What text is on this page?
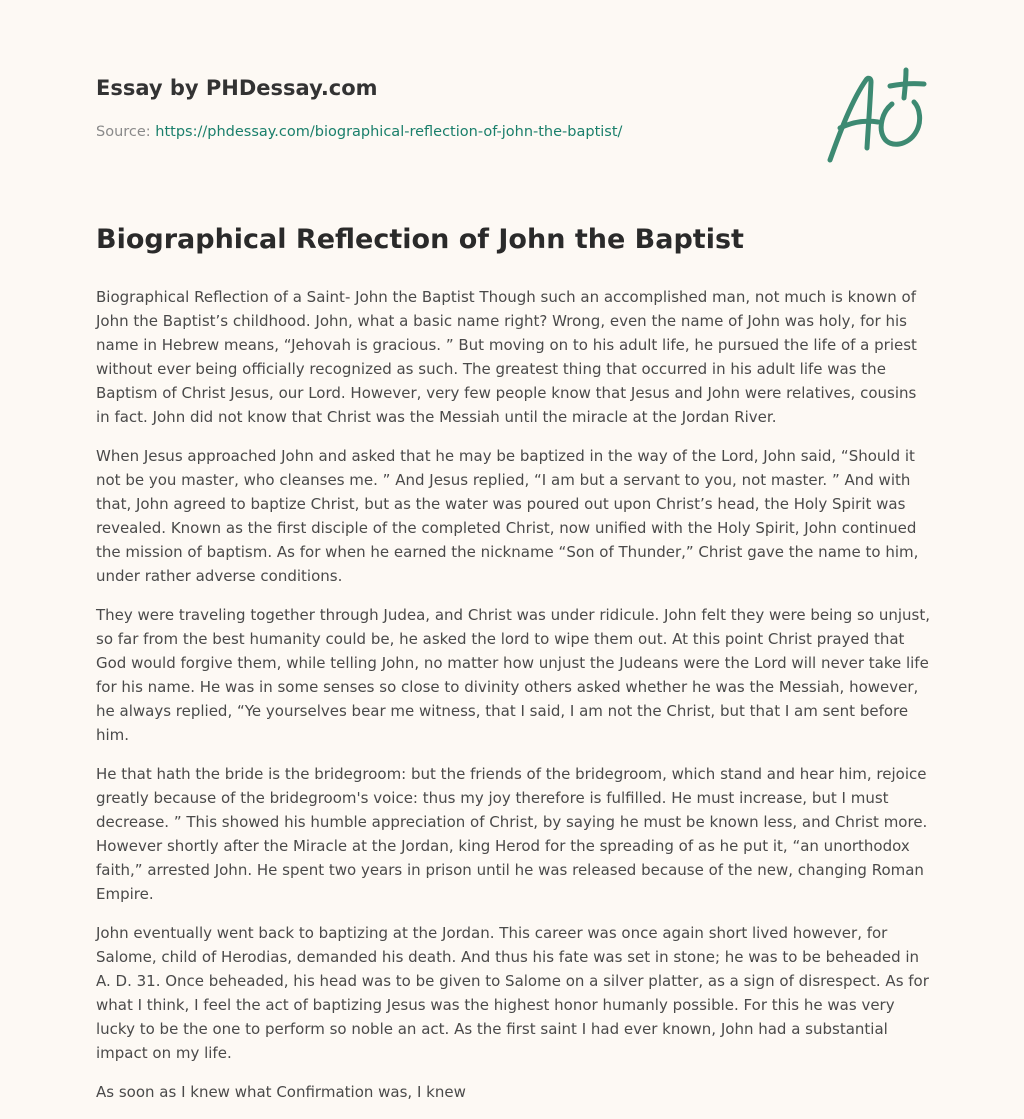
Essay by PHDessay.com
Source: https://phdessay.com/biographical-reflection-of-john-the-baptist/
Biographical Reflection of John the Baptist

Biographical Reflection of a Saint- John the Baptist Though such an accomplished man, not much is known of John the Baptist’s childhood. John, what a basic name right? Wrong, even the name of John was holy, for his name in Hebrew means, “Jehovah is gracious. ” But moving on to his adult life, he pursued the life of a priest without ever being officially recognized as such. The greatest thing that occurred in his adult life was the Baptism of Christ Jesus, our Lord. However, very few people know that Jesus and John were relatives, cousins in fact. John did not know that Christ was the Messiah until the miracle at the Jordan River.

When Jesus approached John and asked that he may be baptized in the way of the Lord, John said, “Should it not be you master, who cleanses me. ” And Jesus replied, “I am but a servant to you, not master. ” And with that, John agreed to baptize Christ, but as the water was poured out upon Christ’s head, the Holy Spirit was revealed. Known as the first disciple of the completed Christ, now unified with the Holy Spirit, John continued the mission of baptism. As for when he earned the nickname “Son of Thunder,” Christ gave the name to him, under rather adverse conditions.

They were traveling together through Judea, and Christ was under ridicule. John felt they were being so unjust, so far from the best humanity could be, he asked the lord to wipe them out. At this point Christ prayed that God would forgive them, while telling John, no matter how unjust the Judeans were the Lord will never take life for his name. He was in some senses so close to divinity others asked whether he was the Messiah, however, he always replied, “Ye yourselves bear me witness, that I said, I am not the Christ, but that I am sent before him.

He that hath the bride is the bridegroom: but the friends of the bridegroom, which stand and hear him, rejoice greatly because of the bridegroom's voice: thus my joy therefore is fulfilled. He must increase, but I must decrease. ” This showed his humble appreciation of Christ, by saying he must be known less, and Christ more. However shortly after the Miracle at the Jordan, king Herod for the spreading of as he put it, “an unorthodox faith,” arrested John. He spent two years in prison until he was released because of the new, changing Roman Empire.

John eventually went back to baptizing at the Jordan. This career was once again short lived however, for Salome, child of Herodias, demanded his death. And thus his fate was set in stone; he was to be beheaded in A. D. 31. Once beheaded, his head was to be given to Salome on a silver platter, as a sign of disrespect. As for what I think, I feel the act of baptizing Jesus was the highest honor humanly possible. For this he was very lucky to be the one to perform so noble an act. As the first saint I had ever known, John had a substantial impact on my life.

As soon as I knew what Confirmation was, I knew
